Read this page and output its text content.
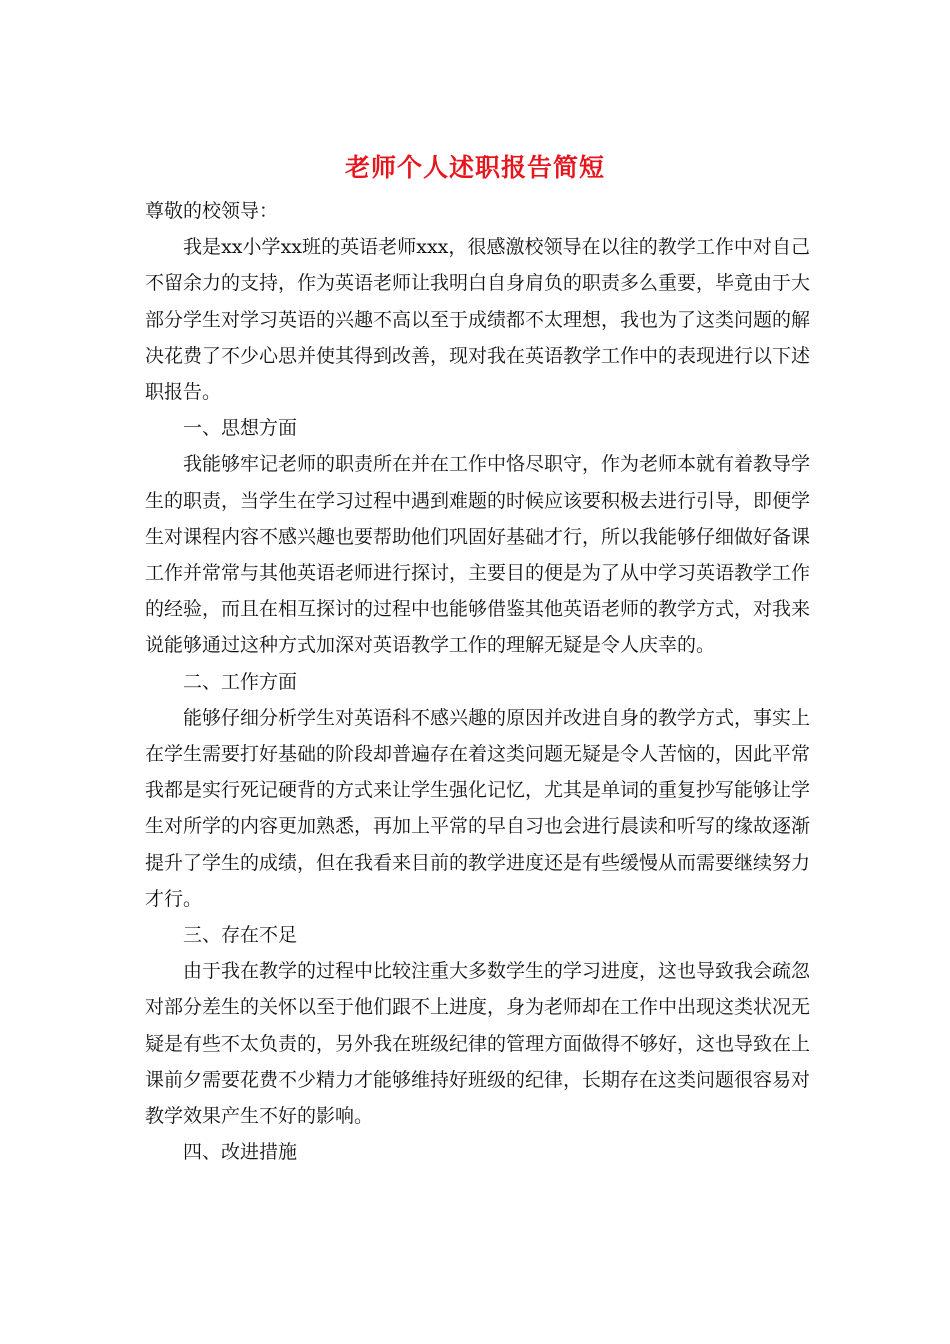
老师个人述职报告简短

尊敬的校领导：

我是xx小学xx班的英语老师xxx，很感激校领导在以往的教学工作中对自己不留余力的支持，作为英语老师让我明白自身肩负的职责多么重要，毕竟由于大部分学生对学习英语的兴趣不高以至于成绩都不太理想，我也为了这类问题的解决花费了不少心思并使其得到改善，现对我在英语教学工作中的表现进行以下述职报告。

一、思想方面

我能够牢记老师的职责所在并在工作中恪尽职守，作为老师本就有着教导学生的职责，当学生在学习过程中遇到难题的时候应该要积极去进行引导，即便学生对课程内容不感兴趣也要帮助他们巩固好基础才行，所以我能够仔细做好备课工作并常常与其他英语老师进行探讨，主要目的便是为了从中学习英语教学工作的经验，而且在相互探讨的过程中也能够借鉴其他英语老师的教学方式，对我来说能够通过这种方式加深对英语教学工作的理解无疑是令人庆幸的。

二、工作方面

能够仔细分析学生对英语科不感兴趣的原因并改进自身的教学方式，事实上在学生需要打好基础的阶段却普遍存在着这类问题无疑是令人苦恼的，因此平常我都是实行死记硬背的方式来让学生强化记忆，尤其是单词的重复抄写能够让学生对所学的内容更加熟悉，再加上平常的早自习也会进行晨读和听写的缘故逐渐提升了学生的成绩，但在我看来目前的教学进度还是有些缓慢从而需要继续努力才行。

三、存在不足

由于我在教学的过程中比较注重大多数学生的学习进度，这也导致我会疏忽对部分差生的关怀以至于他们跟不上进度，身为老师却在工作中出现这类状况无疑是有些不太负责的，另外我在班级纪律的管理方面做得不够好，这也导致在上课前夕需要花费不少精力才能够维持好班级的纪律，长期存在这类问题很容易对教学效果产生不好的影响。

四、改进措施
